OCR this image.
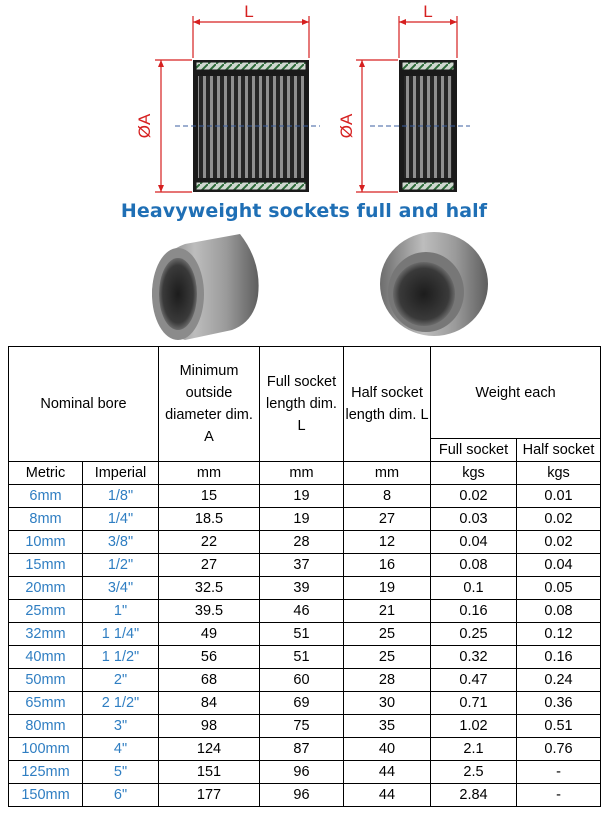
L	L
ØA	ØA
Heavyweight sockets full and half
Nominal bore		Minimum outside diameter dim. A	Full socket length dim. L	Half socket length dim. L	Weight each	
					Full socket	Half socket
Metric	Imperial	mm	mm	mm	kgs	kgs
6mm	1/8"	15	19	8	0.02	0.01
8mm	1/4"	18.5	19	27	0.03	0.02
10mm	3/8"	22	28	12	0.04	0.02
15mm	1/2"	27	37	16	0.08	0.04
20mm	3/4"	32.5	39	19	0.1	0.05
25mm	1"	39.5	46	21	0.16	0.08
32mm	1 1/4"	49	51	25	0.25	0.12
40mm	1 1/2"	56	51	25	0.32	0.16
50mm	2"	68	60	28	0.47	0.24
65mm	2 1/2"	84	69	30	0.71	0.36
80mm	3"	98	75	35	1.02	0.51
100mm	4"	124	87	40	2.1	0.76
125mm	5"	151	96	44	2.5	-
150mm	6"	177	96	44	2.84	-
